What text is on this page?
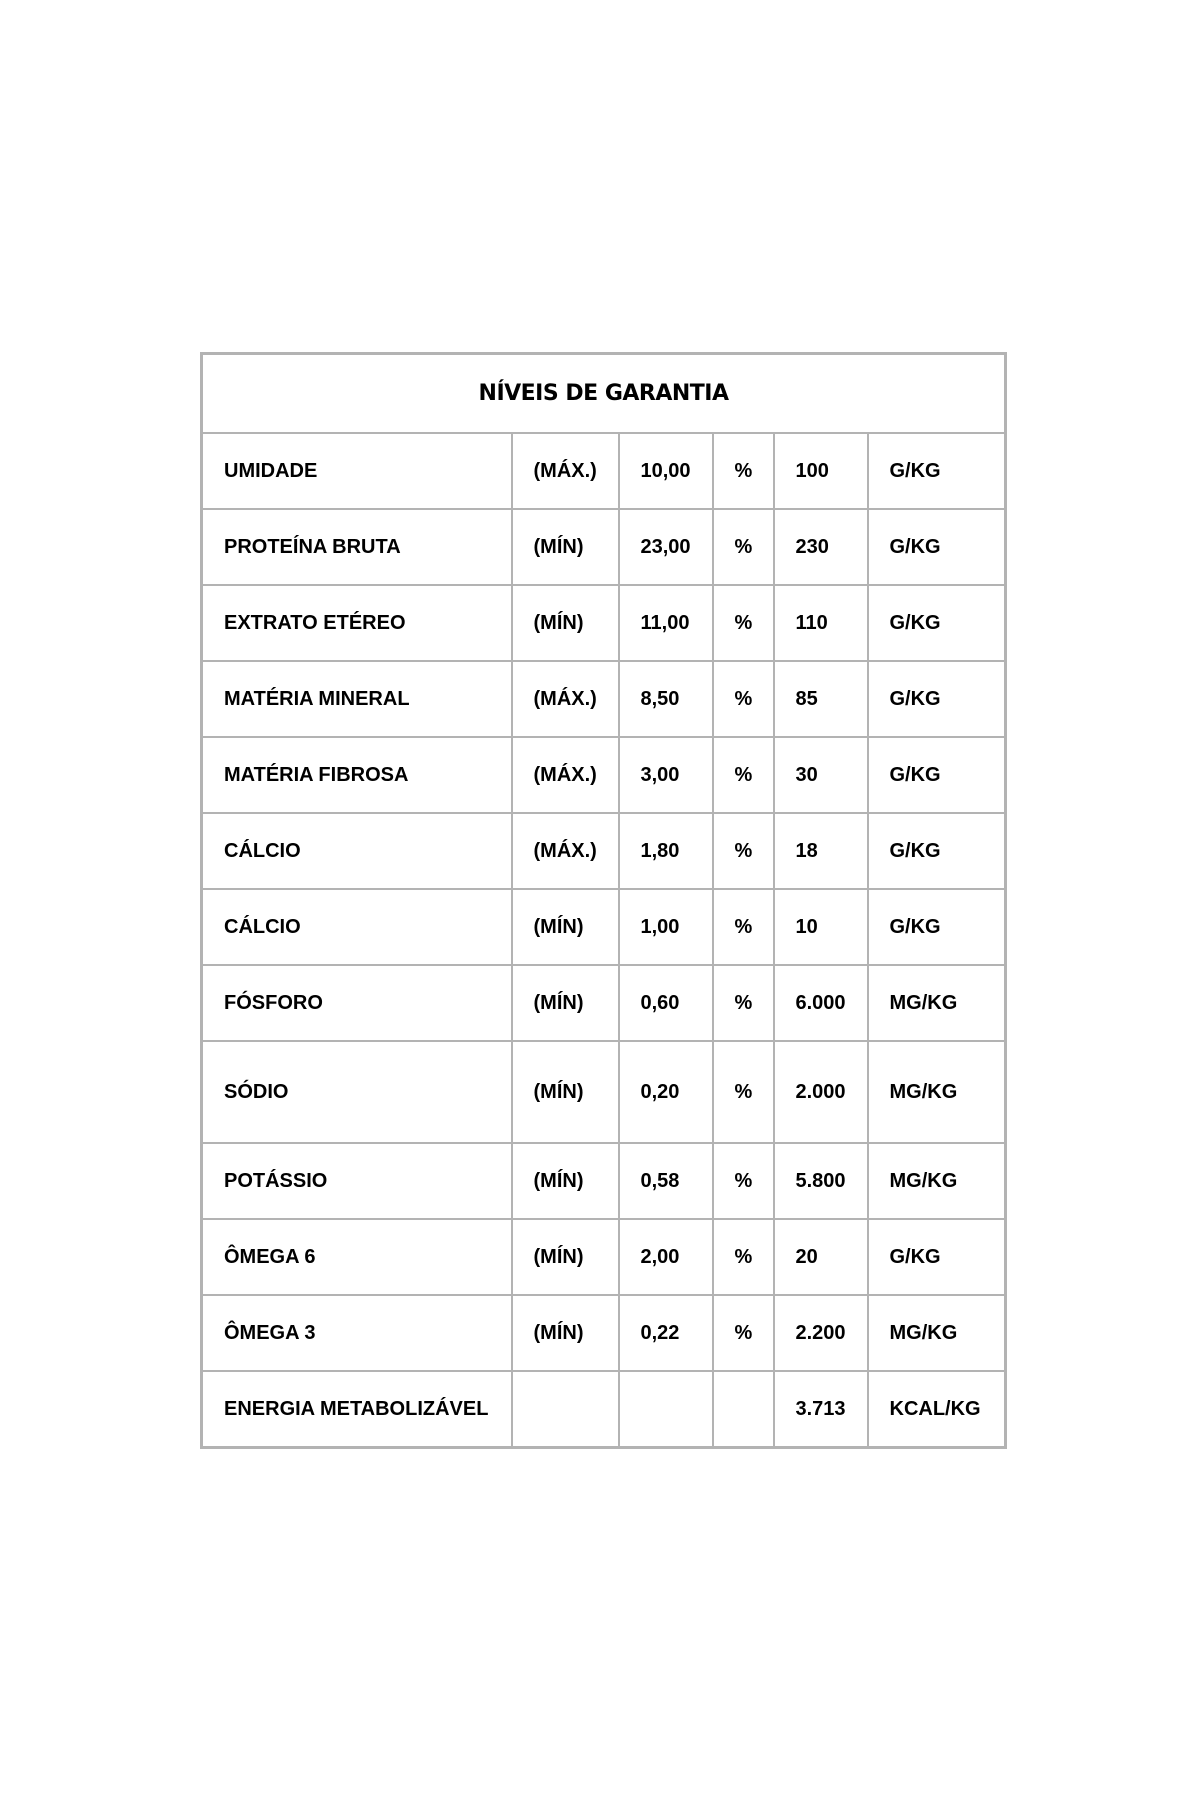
NÍVEIS DE GARANTIA					
UMIDADE	(MÁX.)	10,00	%	100	G/KG
PROTEÍNA BRUTA	(MÍN)	23,00	%	230	G/KG
EXTRATO ETÉREO	(MÍN)	11,00	%	110	G/KG
MATÉRIA MINERAL	(MÁX.)	8,50	%	85	G/KG
MATÉRIA FIBROSA	(MÁX.)	3,00	%	30	G/KG
CÁLCIO	(MÁX.)	1,80	%	18	G/KG
CÁLCIO	(MÍN)	1,00	%	10	G/KG
FÓSFORO	(MÍN)	0,60	%	6.000	MG/KG
SÓDIO	(MÍN)	0,20	%	2.000	MG/KG
POTÁSSIO	(MÍN)	0,58	%	5.800	MG/KG
ÔMEGA 6	(MÍN)	2,00	%	20	G/KG
ÔMEGA 3	(MÍN)	0,22	%	2.200	MG/KG
ENERGIA METABOLIZÁVEL				3.713	KCAL/KG
